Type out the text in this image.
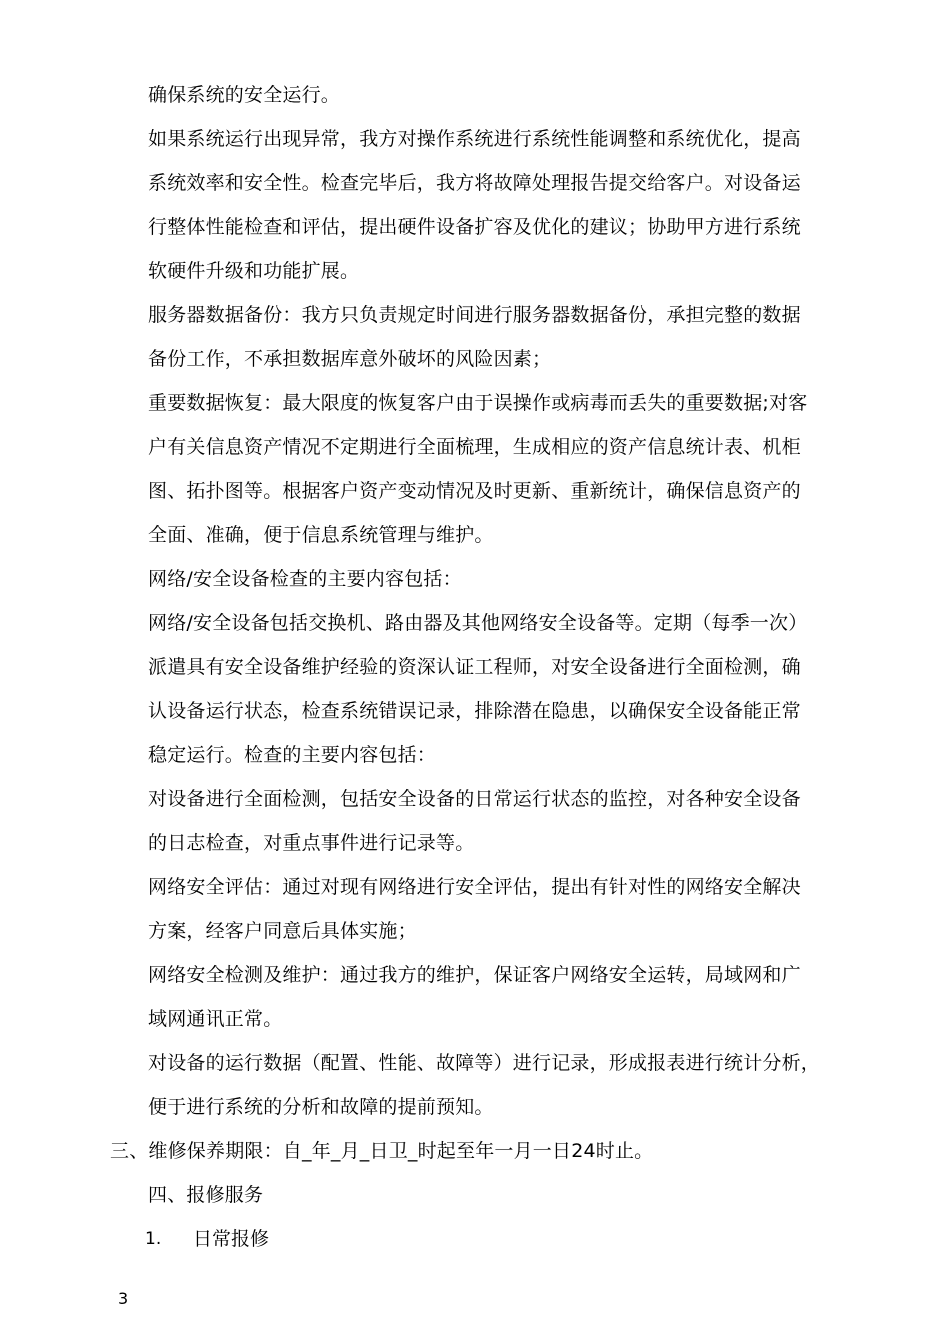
确保系统的安全运行。
如果系统运行出现异常，我方对操作系统进行系统性能调整和系统优化，提高
系统效率和安全性。检查完毕后，我方将故障处理报告提交给客户。对设备运
行整体性能检查和评估，提出硬件设备扩容及优化的建议；协助甲方进行系统
软硬件升级和功能扩展。
服务器数据备份：我方只负责规定时间进行服务器数据备份，承担完整的数据
备份工作，不承担数据库意外破坏的风险因素；
重要数据恢复：最大限度的恢复客户由于误操作或病毒而丢失的重要数据;对客
户有关信息资产情况不定期进行全面梳理，生成相应的资产信息统计表、机柜
图、拓扑图等。根据客户资产变动情况及时更新、重新统计，确保信息资产的
全面、准确，便于信息系统管理与维护。
网络/安全设备检查的主要内容包括：
网络/安全设备包括交换机、路由器及其他网络安全设备等。定期（每季一次）
派遣具有安全设备维护经验的资深认证工程师，对安全设备进行全面检测，确
认设备运行状态，检查系统错误记录，排除潜在隐患，以确保安全设备能正常
稳定运行。检查的主要内容包括：
对设备进行全面检测，包括安全设备的日常运行状态的监控，对各种安全设备
的日志检查，对重点事件进行记录等。
网络安全评估：通过对现有网络进行安全评估，提出有针对性的网络安全解决
方案，经客户同意后具体实施；
网络安全检测及维护：通过我方的维护，保证客户网络安全运转，局域网和广
域网通讯正常。
对设备的运行数据（配置、性能、故障等）进行记录，形成报表进行统计分析，
便于进行系统的分析和故障的提前预知。
三、维修保养期限：自_年_月_日卫_时起至年一月一日24时止。
四、报修服务
1. 日常报修
3
